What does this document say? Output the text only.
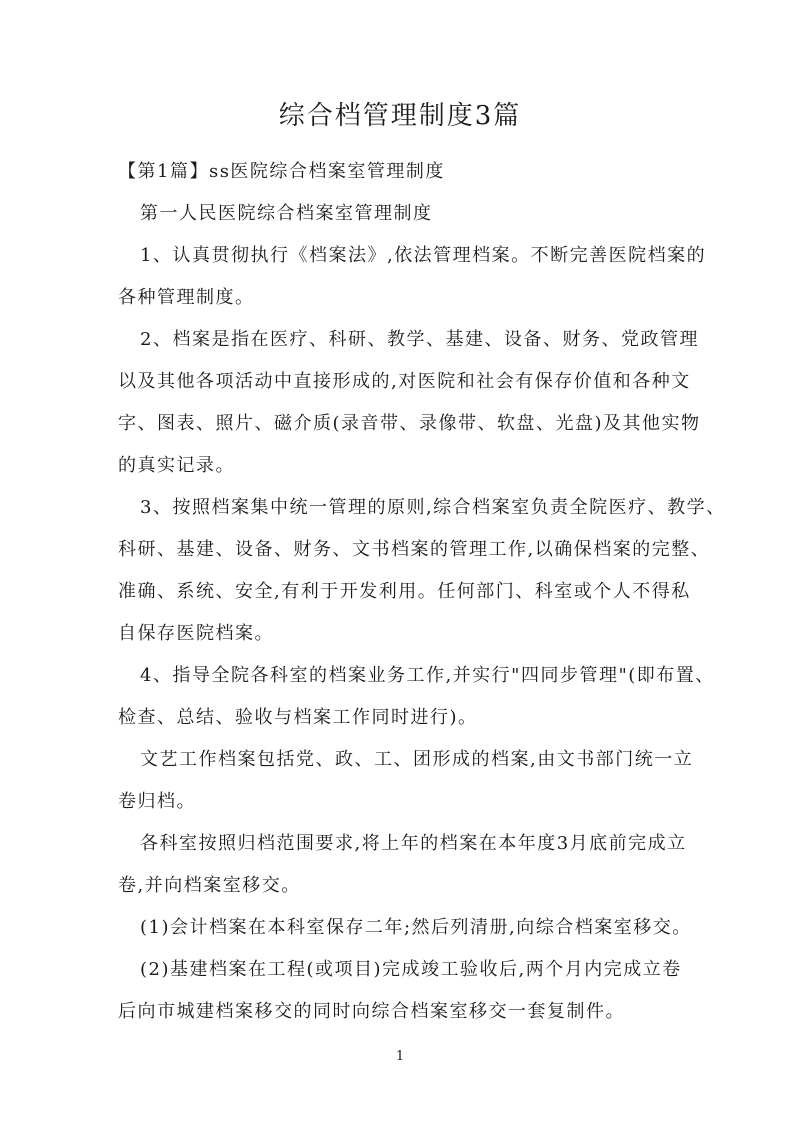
综合档管理制度3篇
【第1篇】ss医院综合档案室管理制度
第一人民医院综合档案室管理制度
1、认真贯彻执行《档案法》,依法管理档案。不断完善医院档案的
各种管理制度。
2、档案是指在医疗、科研、教学、基建、设备、财务、党政管理
以及其他各项活动中直接形成的,对医院和社会有保存价值和各种文
字、图表、照片、磁介质(录音带、录像带、软盘、光盘)及其他实物
的真实记录。
3、按照档案集中统一管理的原则,综合档案室负责全院医疗、教学、
科研、基建、设备、财务、文书档案的管理工作,以确保档案的完整、
准确、系统、安全,有利于开发利用。任何部门、科室或个人不得私
自保存医院档案。
4、指导全院各科室的档案业务工作,并实行"四同步管理"(即布置、
检查、总结、验收与档案工作同时进行)。
文艺工作档案包括党、政、工、团形成的档案,由文书部门统一立
卷归档。
各科室按照归档范围要求,将上年的档案在本年度3月底前完成立
卷,并向档案室移交。
(1)会计档案在本科室保存二年;然后列清册,向综合档案室移交。
(2)基建档案在工程(或项目)完成竣工验收后,两个月内完成立卷
后向市城建档案移交的同时向综合档案室移交一套复制件。
1
